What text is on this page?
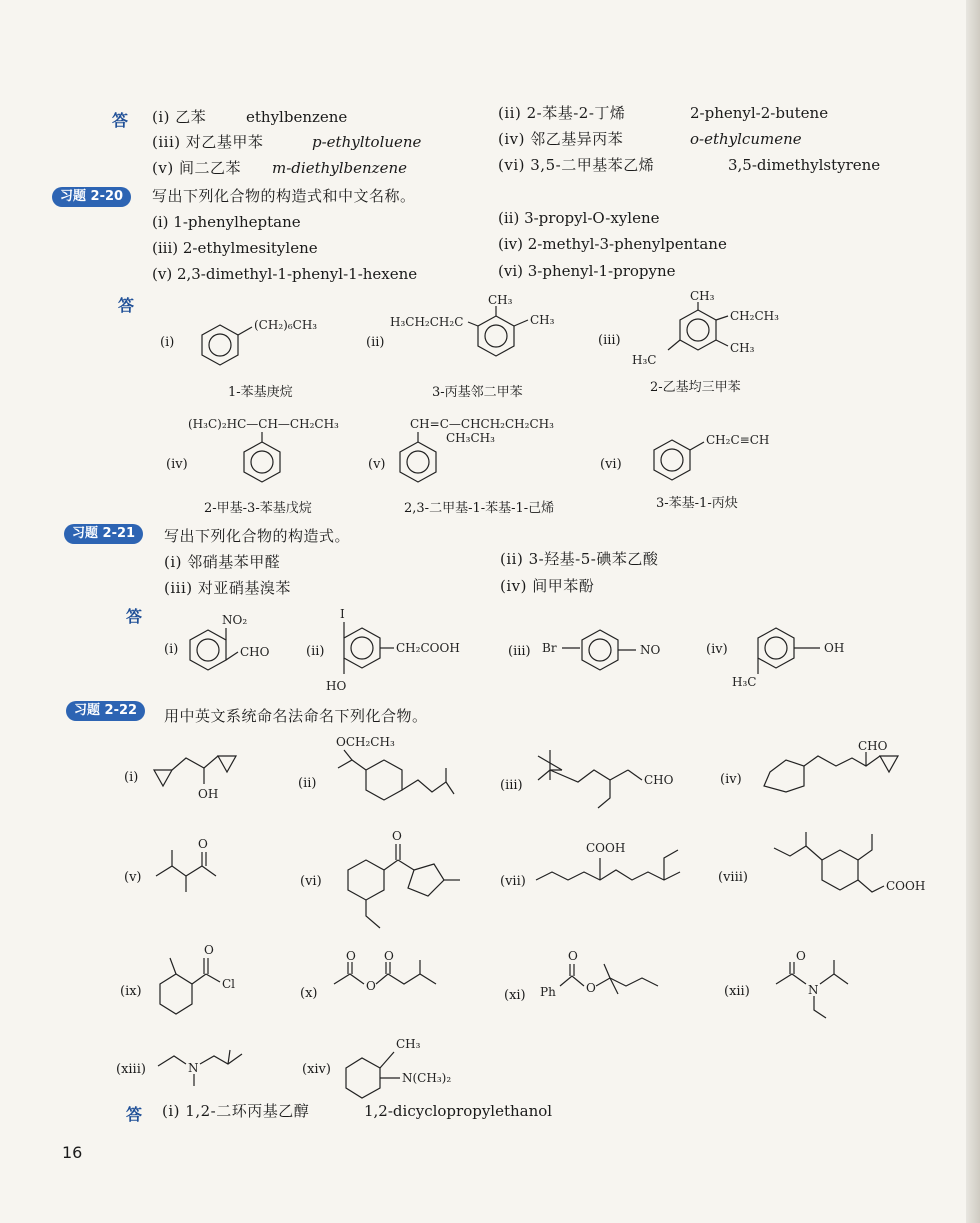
答 (i) 乙苯	ethylbenzene	(ii) 2-苯基-2-丁烯	2-phenyl-2-butene
(iii) 对乙基甲苯	p-ethyltoluene	(iv) 邻乙基异丙苯	o-ethylcumene
(v) 间二乙苯 m-diethylbenzene	(vi) 3,5-二甲基苯乙烯	3,5-dimethylstyrene
习题 2-20	写出下列化合物的构造式和中文名称。
(i) 1-phenylheptane	(ii) 3-propyl-O-xylene
(iii) 2-ethylmesitylene	(iv) 2-methyl-3-phenylpentane
(v) 2,3-dimethyl-1-phenyl-1-hexene	(vi) 3-phenyl-1-propyne
答
(i)
(CH₂)₆CH₃
1-苯基庚烷
(ii)
CH₃
CH₃
H₃CH₂CH₂C
3-丙基邻二甲苯
(iii)
CH₃
CH₂CH₃
CH₃
H₃C
2-乙基均三甲苯
(iv)
(H₃C)₂HC—CH—CH₂CH₃
2-甲基-3-苯基戊烷
(v)
CH=C—CHCH₂CH₂CH₃
CH₃CH₃
2,3-二甲基-1-苯基-1-己烯
(vi)
CH₂C≡CH
3-苯基-1-丙炔
习题 2-21	写出下列化合物的构造式。
(i) 邻硝基苯甲醛	(ii) 3-羟基-5-碘苯乙酸
(iii) 对亚硝基溴苯	(iv) 间甲苯酚
答
(i)
NO₂
CHO	(ii)
I
CH₂COOH
HO
(iii) Br	NO	(iv)	OH
H₃C
习题 2-22	用中英文系统命名法命名下列化合物。
(i)
OH
(ii)
OCH₂CH₃
(iii)	CHO	(iv)
CHO
(v)
O
(vi)
O
(vii)
COOH
(viii)
COOH
(ix)
O
Cl
(x)
O
O
O
(xi) Ph
O
O	(xii)
O
N
(xiii)	N	(xiv)
CH₃
N(CH₃)₂
答 (i) 1,2-二环丙基乙醇	1,2-dicyclopropylethanol
16
